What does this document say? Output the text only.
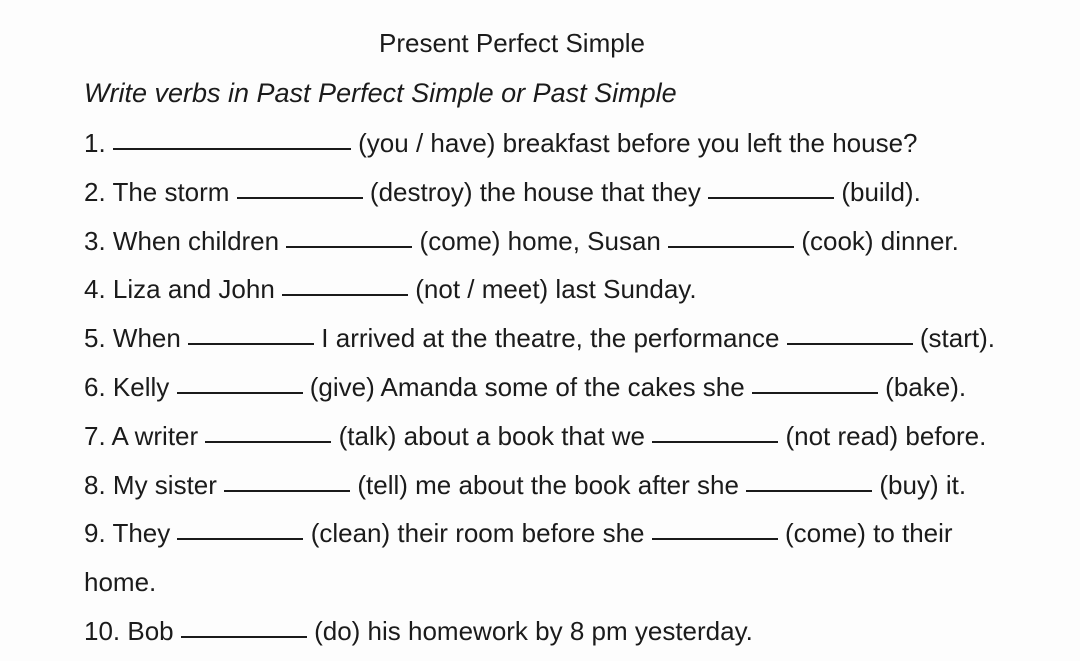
Present Perfect Simple
Write verbs in Past Perfect Simple or Past Simple
1.	(you / have) breakfast before you left the house?
2. The storm	(destroy) the house that they	(build).
3. When children	(come) home, Susan	(cook) dinner.
4. Liza and John	(not / meet) last Sunday.
5. When	I arrived at the theatre, the performance	(start).
6. Kelly	(give) Amanda some of the cakes she	(bake).
7. A writer	(talk) about a book that we	(not read) before.
8. My sister	(tell) me about the book after she	(buy) it.
9. They	(clean) their room before she	(come) to their
home.
10. Bob	(do) his homework by 8 pm yesterday.
